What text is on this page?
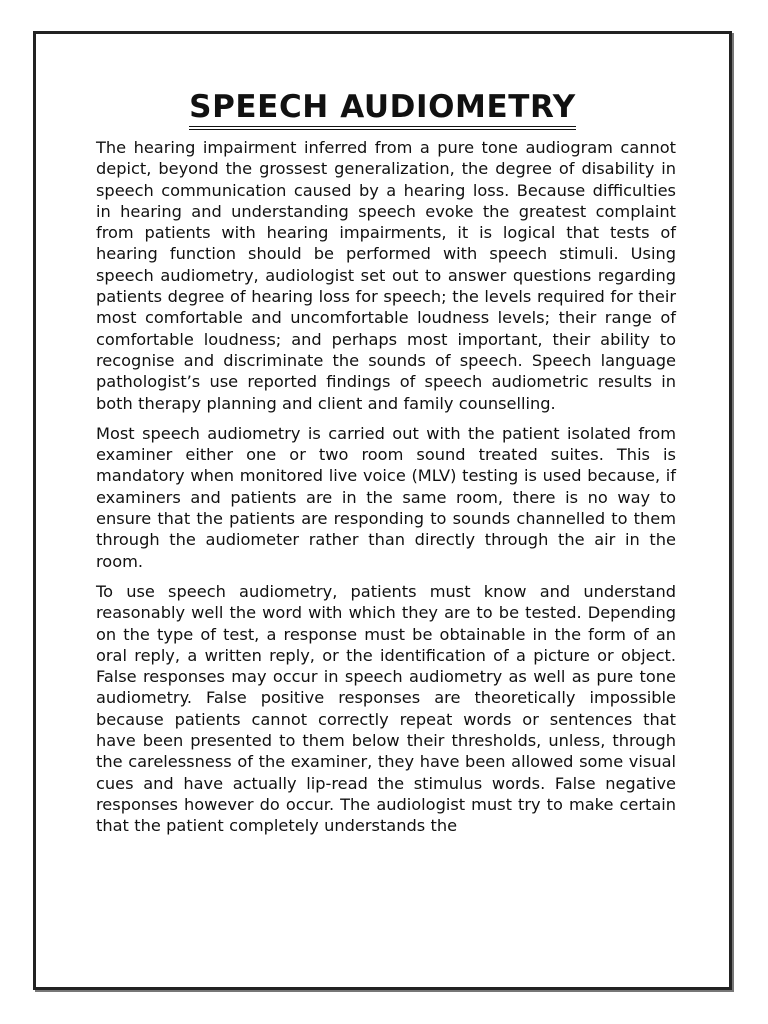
SPEECH AUDIOMETRY

The hearing impairment inferred from a pure tone audiogram cannot depict, beyond the grossest generalization, the degree of disability in speech communication caused by a hearing loss. Because difficulties in hearing and understanding speech evoke the greatest complaint from patients with hearing impairments, it is logical that tests of hearing function should be performed with speech stimuli. Using speech audiometry, audiologist set out to answer questions regarding patients degree of hearing loss for speech; the levels required for their most comfortable and uncomfortable loudness levels; their range of comfortable loudness; and perhaps most important, their ability to recognise and discriminate the sounds of speech. Speech language pathologist’s use reported findings of speech audiometric results in both therapy planning and client and family counselling.

Most speech audiometry is carried out with the patient isolated from examiner either one or two room sound treated suites. This is mandatory when monitored live voice (MLV) testing is used because, if examiners and patients are in the same room, there is no way to ensure that the patients are responding to sounds channelled to them through the audiometer rather than directly through the air in the room.

To use speech audiometry, patients must know and understand reasonably well the word with which they are to be tested. Depending on the type of test, a response must be obtainable in the form of an oral reply, a written reply, or the identification of a picture or object. False responses may occur in speech audiometry as well as pure tone audiometry. False positive responses are theoretically impossible because patients cannot correctly repeat words or sentences that have been presented to them below their thresholds, unless, through the carelessness of the examiner, they have been allowed some visual cues and have actually lip-read the stimulus words. False negative responses however do occur. The audiologist must try to make certain that the patient completely understands the
